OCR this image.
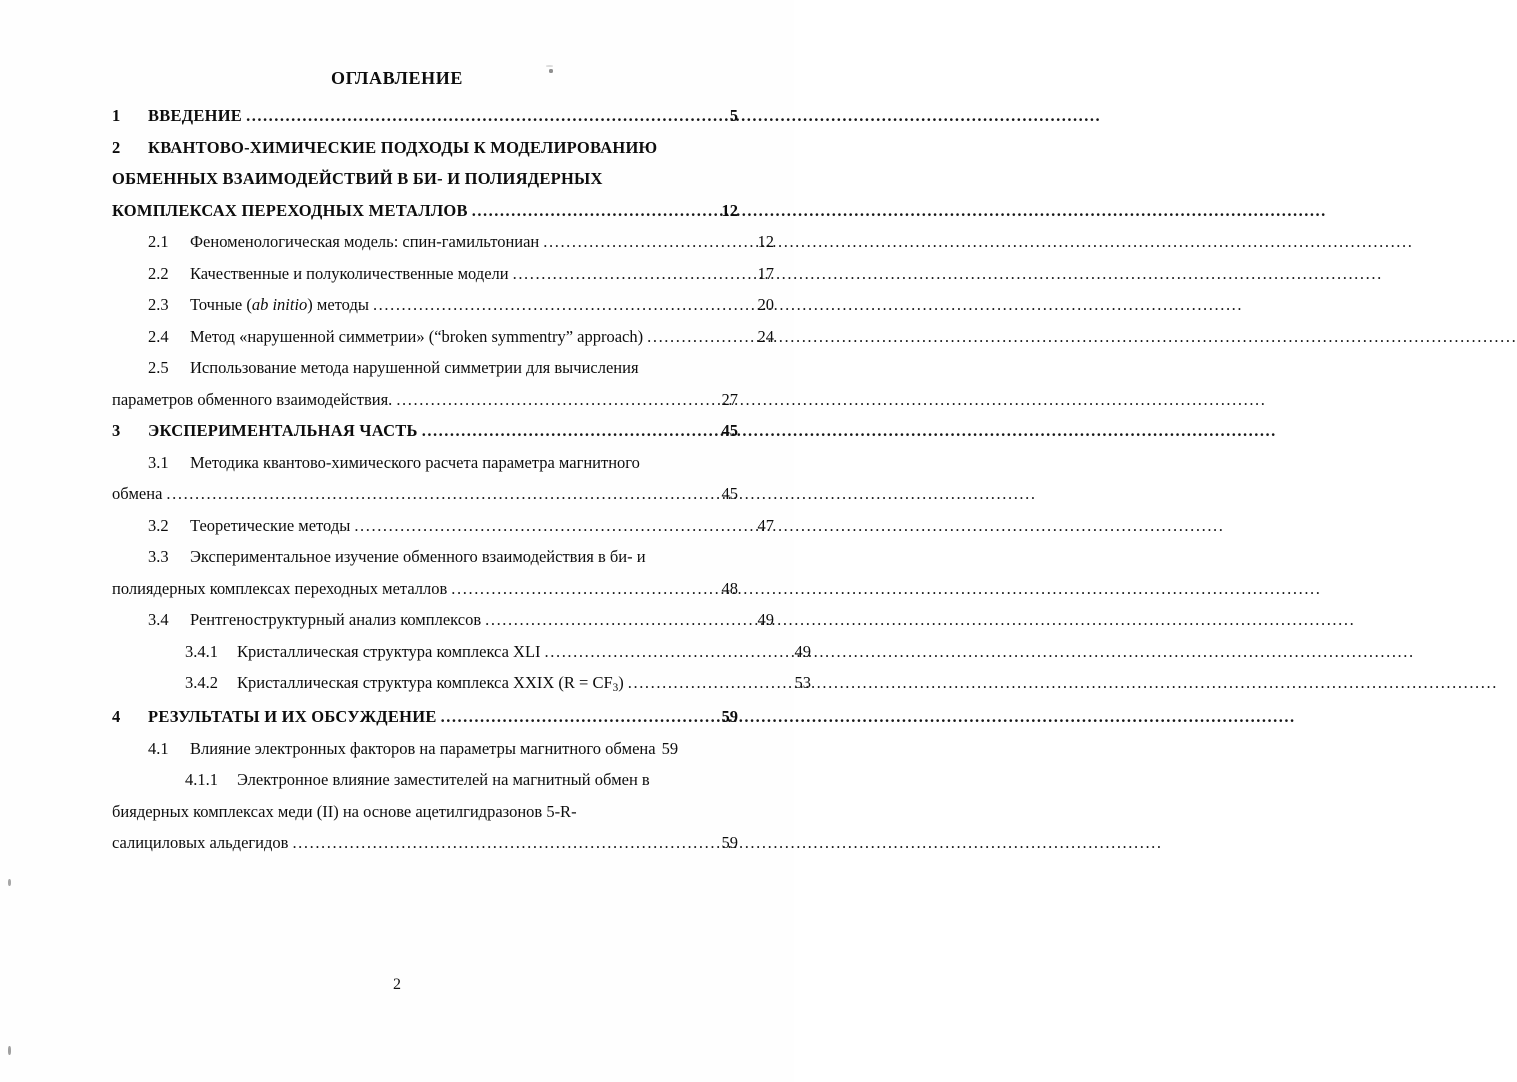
ОГЛАВЛЕНИЕ
1	ВВЕДЕНИЕ .....	5
2	КВАНТОВО-ХИМИЧЕСКИЕ ПОДХОДЫ К МОДЕЛИРОВАНИЮ
ОБМЕННЫХ ВЗАИМОДЕЙСТВИЙ В БИ- И ПОЛИЯДЕРНЫХ
КОМПЛЕКСАХ ПЕРЕХОДНЫХ МЕТАЛЛОВ .....	12
2.1	Феноменологическая модель: спин-гамильтониан .....	12
2.2	Качественные и полуколичественные модели .....	17
2.3	Точные (ab initio) методы .....	20
2.4	Метод «нарушенной симметрии» (“broken symmentry” approach) .....	24
2.5	Использование метода нарушенной симметрии для вычисления
параметров обменного взаимодействия. .....	27
3	ЭКСПЕРИМЕНТАЛЬНАЯ ЧАСТЬ .....	45
3.1	Методика квантово-химического расчета параметра магнитного
обмена .....	45
3.2	Теоретические методы .....	47
3.3	Экспериментальное изучение обменного взаимодействия в би- и
полиядерных комплексах переходных металлов .....	48
3.4	Рентгеноструктурный анализ комплексов .....	49
3.4.1	Кристаллическая структура комплекса XLI .....	49
3.4.2	Кристаллическая структура комплекса XXIX $(R = CF_3)$ .....	53
4	РЕЗУЛЬТАТЫ И ИХ ОБСУЖДЕНИЕ .....	59
4.1	Влияние электронных факторов на параметры магнитного обмена 59
4.1.1	Электронное влияние заместителей на магнитный обмен в
биядерных комплексах меди (II) на основе ацетилгидразонов 5-R-
салициловых альдегидов .....	59
2
